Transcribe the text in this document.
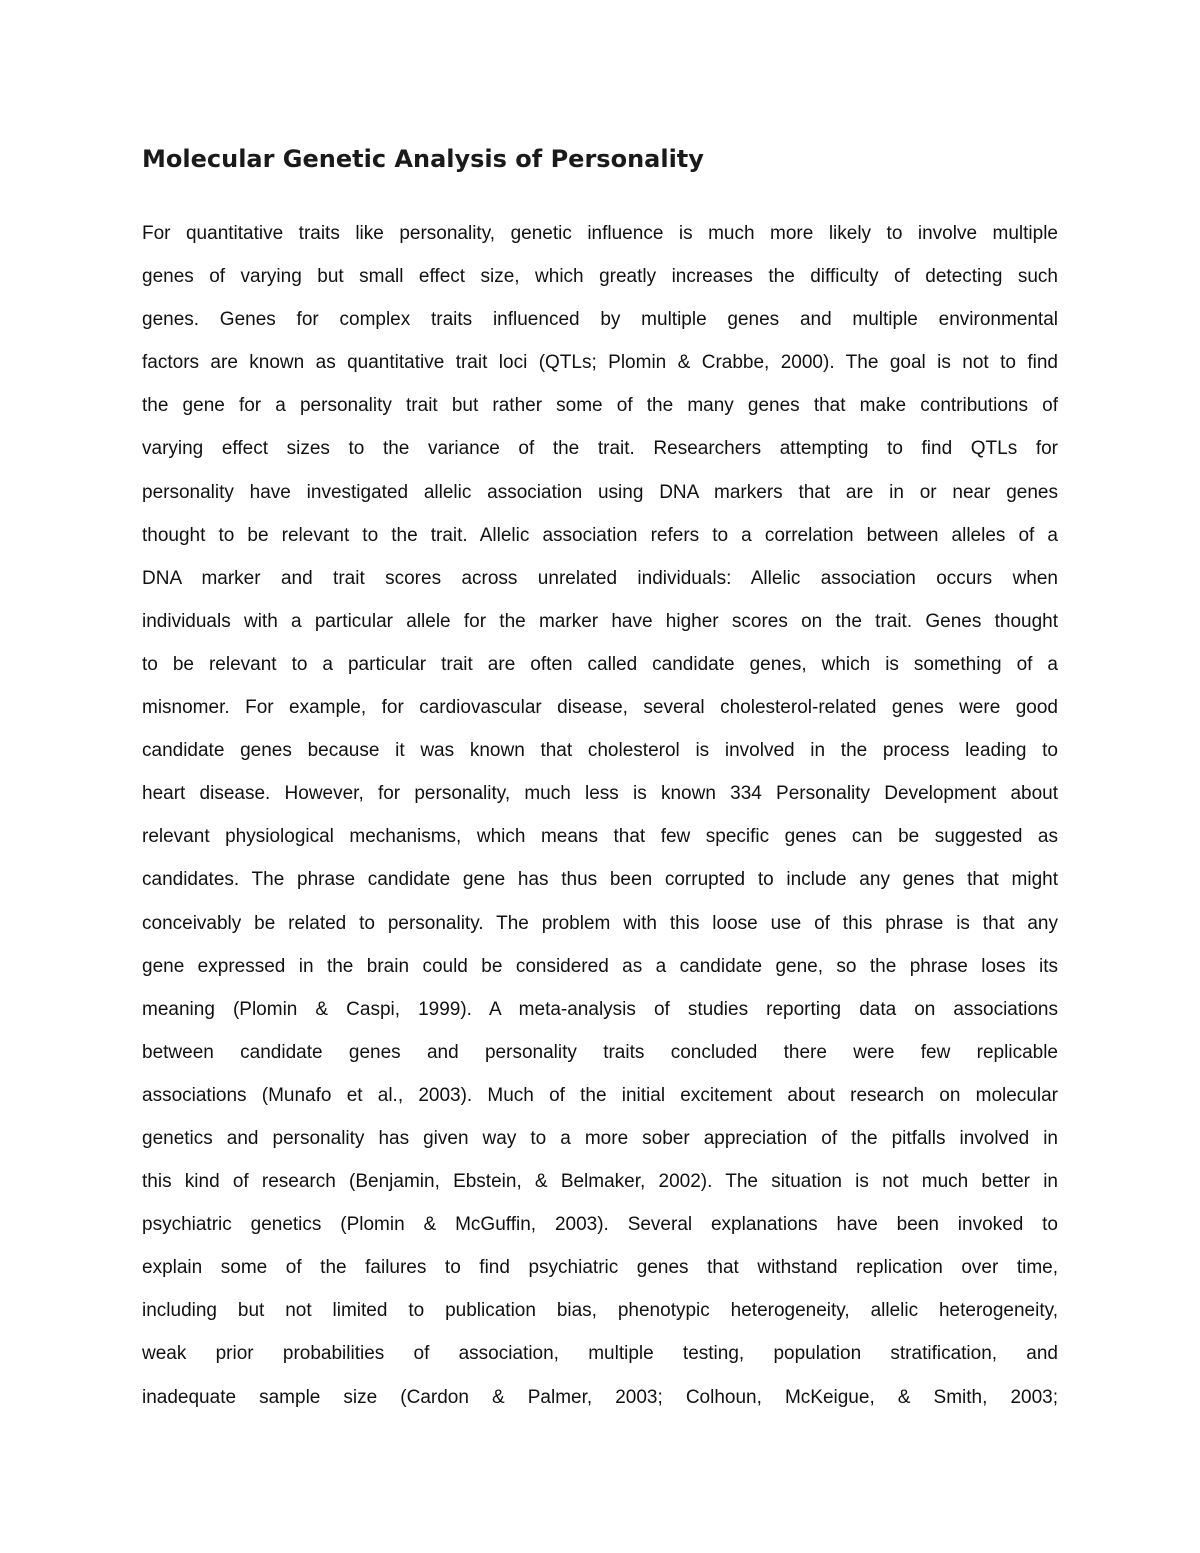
Molecular Genetic Analysis of Personality
For quantitative traits like personality, genetic influence is much more likely to involve multiple
genes of varying but small effect size, which greatly increases the difficulty of detecting such
genes. Genes for complex traits influenced by multiple genes and multiple environmental
factors are known as quantitative trait loci (QTLs; Plomin & Crabbe, 2000). The goal is not to find
the gene for a personality trait but rather some of the many genes that make contributions of
varying effect sizes to the variance of the trait. Researchers attempting to find QTLs for
personality have investigated allelic association using DNA markers that are in or near genes
thought to be relevant to the trait. Allelic association refers to a correlation between alleles of a
DNA marker and trait scores across unrelated individuals: Allelic association occurs when
individuals with a particular allele for the marker have higher scores on the trait. Genes thought
to be relevant to a particular trait are often called candidate genes, which is something of a
misnomer. For example, for cardiovascular disease, several cholesterol-related genes were good
candidate genes because it was known that cholesterol is involved in the process leading to
heart disease. However, for personality, much less is known 334 Personality Development about
relevant physiological mechanisms, which means that few specific genes can be suggested as
candidates. The phrase candidate gene has thus been corrupted to include any genes that might
conceivably be related to personality. The problem with this loose use of this phrase is that any
gene expressed in the brain could be considered as a candidate gene, so the phrase loses its
meaning (Plomin & Caspi, 1999). A meta-analysis of studies reporting data on associations
between candidate genes and personality traits concluded there were few replicable
associations (Munafo et al., 2003). Much of the initial excitement about research on molecular
genetics and personality has given way to a more sober appreciation of the pitfalls involved in
this kind of research (Benjamin, Ebstein, & Belmaker, 2002). The situation is not much better in
psychiatric genetics (Plomin & McGuffin, 2003). Several explanations have been invoked to
explain some of the failures to find psychiatric genes that withstand replication over time,
including but not limited to publication bias, phenotypic heterogeneity, allelic heterogeneity,
weak prior probabilities of association, multiple testing, population stratification, and
inadequate sample size (Cardon & Palmer, 2003; Colhoun, McKeigue, & Smith, 2003;
